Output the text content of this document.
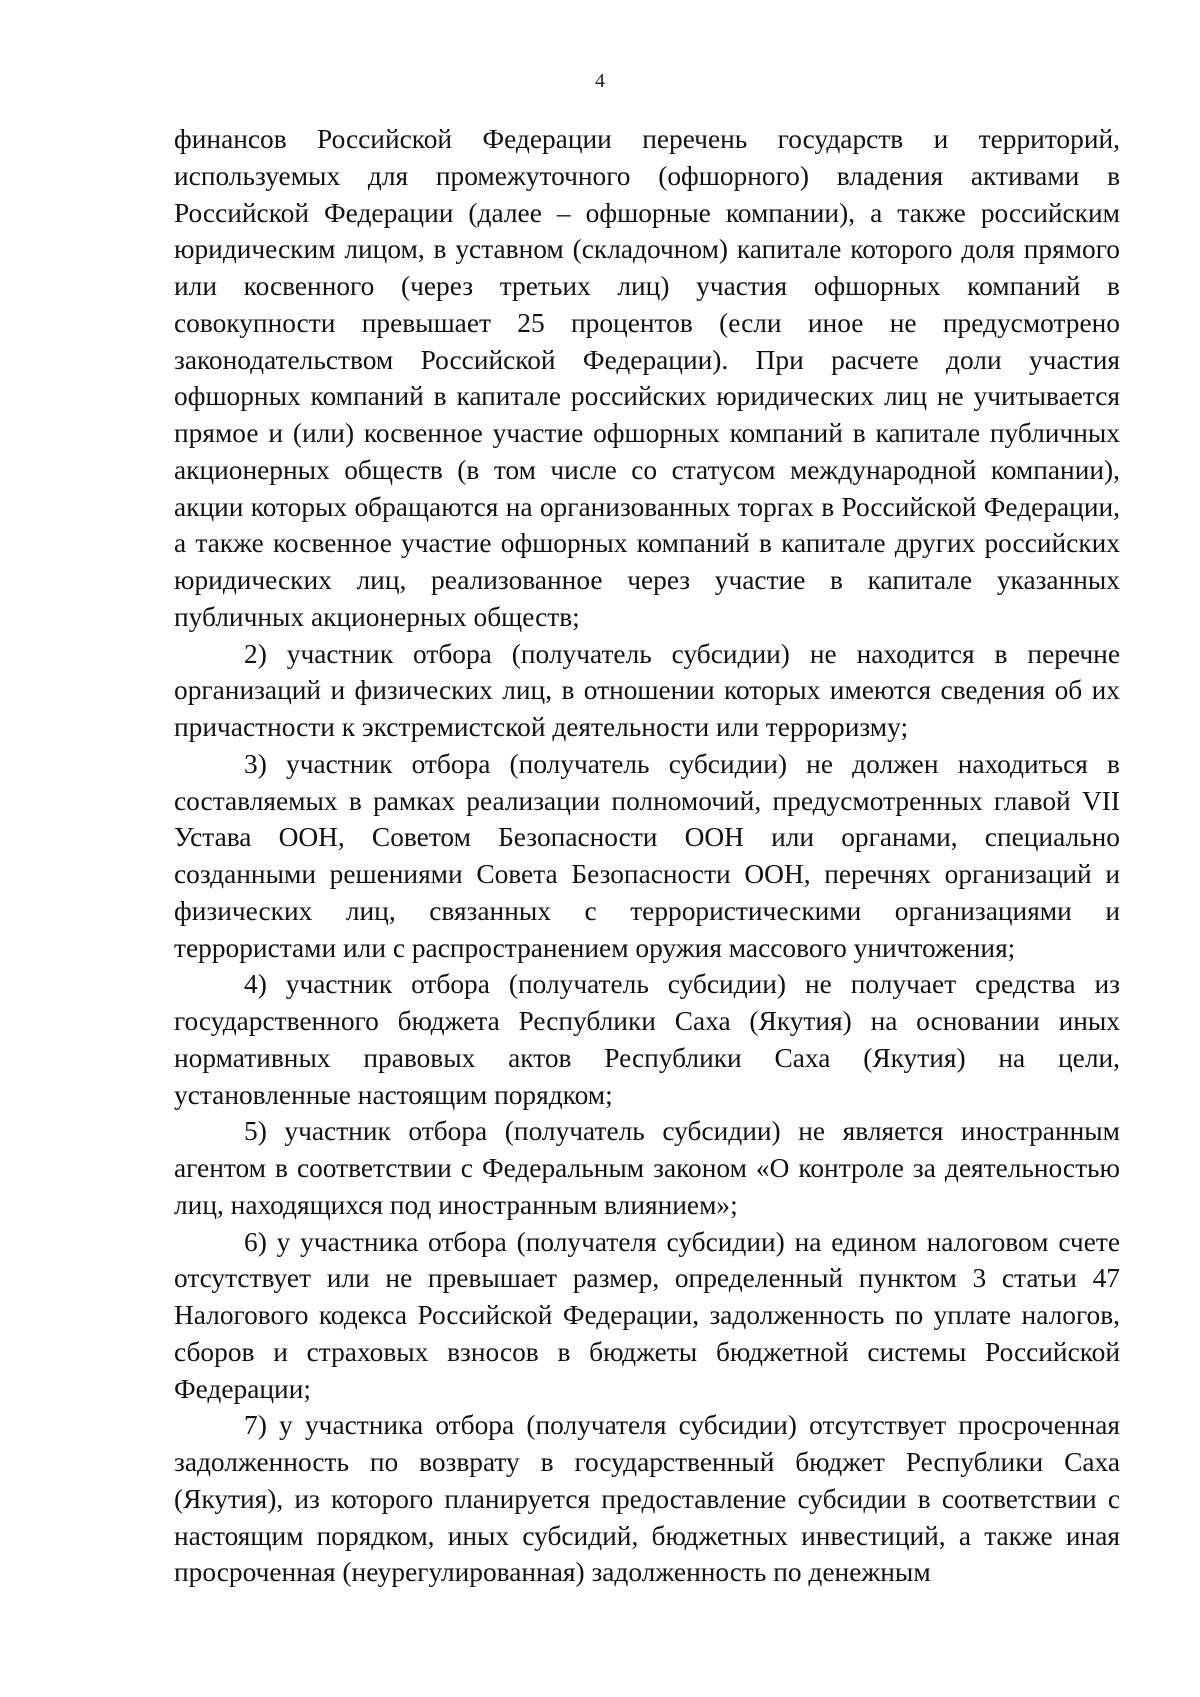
4

финансов Российской Федерации перечень государств и территорий, используемых для промежуточного (офшорного) владения активами в Российской Федерации (далее – офшорные компании), а также российским юридическим лицом, в уставном (складочном) капитале которого доля прямого или косвенного (через третьих лиц) участия офшорных компаний в совокупности превышает 25 процентов (если иное не предусмотрено законодательством Российской Федерации). При расчете доли участия офшорных компаний в капитале российских юридических лиц не учитывается прямое и (или) косвенное участие офшорных компаний в капитале публичных акционерных обществ (в том числе со статусом международной компании), акции которых обращаются на организованных торгах в Российской Федерации, а также косвенное участие офшорных компаний в капитале других российских юридических лиц, реализованное через участие в капитале указанных публичных акционерных обществ;

2) участник отбора (получатель субсидии) не находится в перечне организаций и физических лиц, в отношении которых имеются сведения об их причастности к экстремистской деятельности или терроризму;

3) участник отбора (получатель субсидии) не должен находиться в составляемых в рамках реализации полномочий, предусмотренных главой VII Устава ООН, Советом Безопасности ООН или органами, специально созданными решениями Совета Безопасности ООН, перечнях организаций и физических лиц, связанных с террористическими организациями и террористами или с распространением оружия массового уничтожения;

4) участник отбора (получатель субсидии) не получает средства из государственного бюджета Республики Саха (Якутия) на основании иных нормативных правовых актов Республики Саха (Якутия) на цели, установленные настоящим порядком;

5) участник отбора (получатель субсидии) не является иностранным агентом в соответствии с Федеральным законом «О контроле за деятельностью лиц, находящихся под иностранным влиянием»;

6) у участника отбора (получателя субсидии) на едином налоговом счете отсутствует или не превышает размер, определенный пунктом 3 статьи 47 Налогового кодекса Российской Федерации, задолженность по уплате налогов, сборов и страховых взносов в бюджеты бюджетной системы Российской Федерации;

7) у участника отбора (получателя субсидии) отсутствует просроченная задолженность по возврату в государственный бюджет Республики Саха (Якутия), из которого планируется предоставление субсидии в соответствии с настоящим порядком, иных субсидий, бюджетных инвестиций, а также иная просроченная (неурегулированная) задолженность по денежным
